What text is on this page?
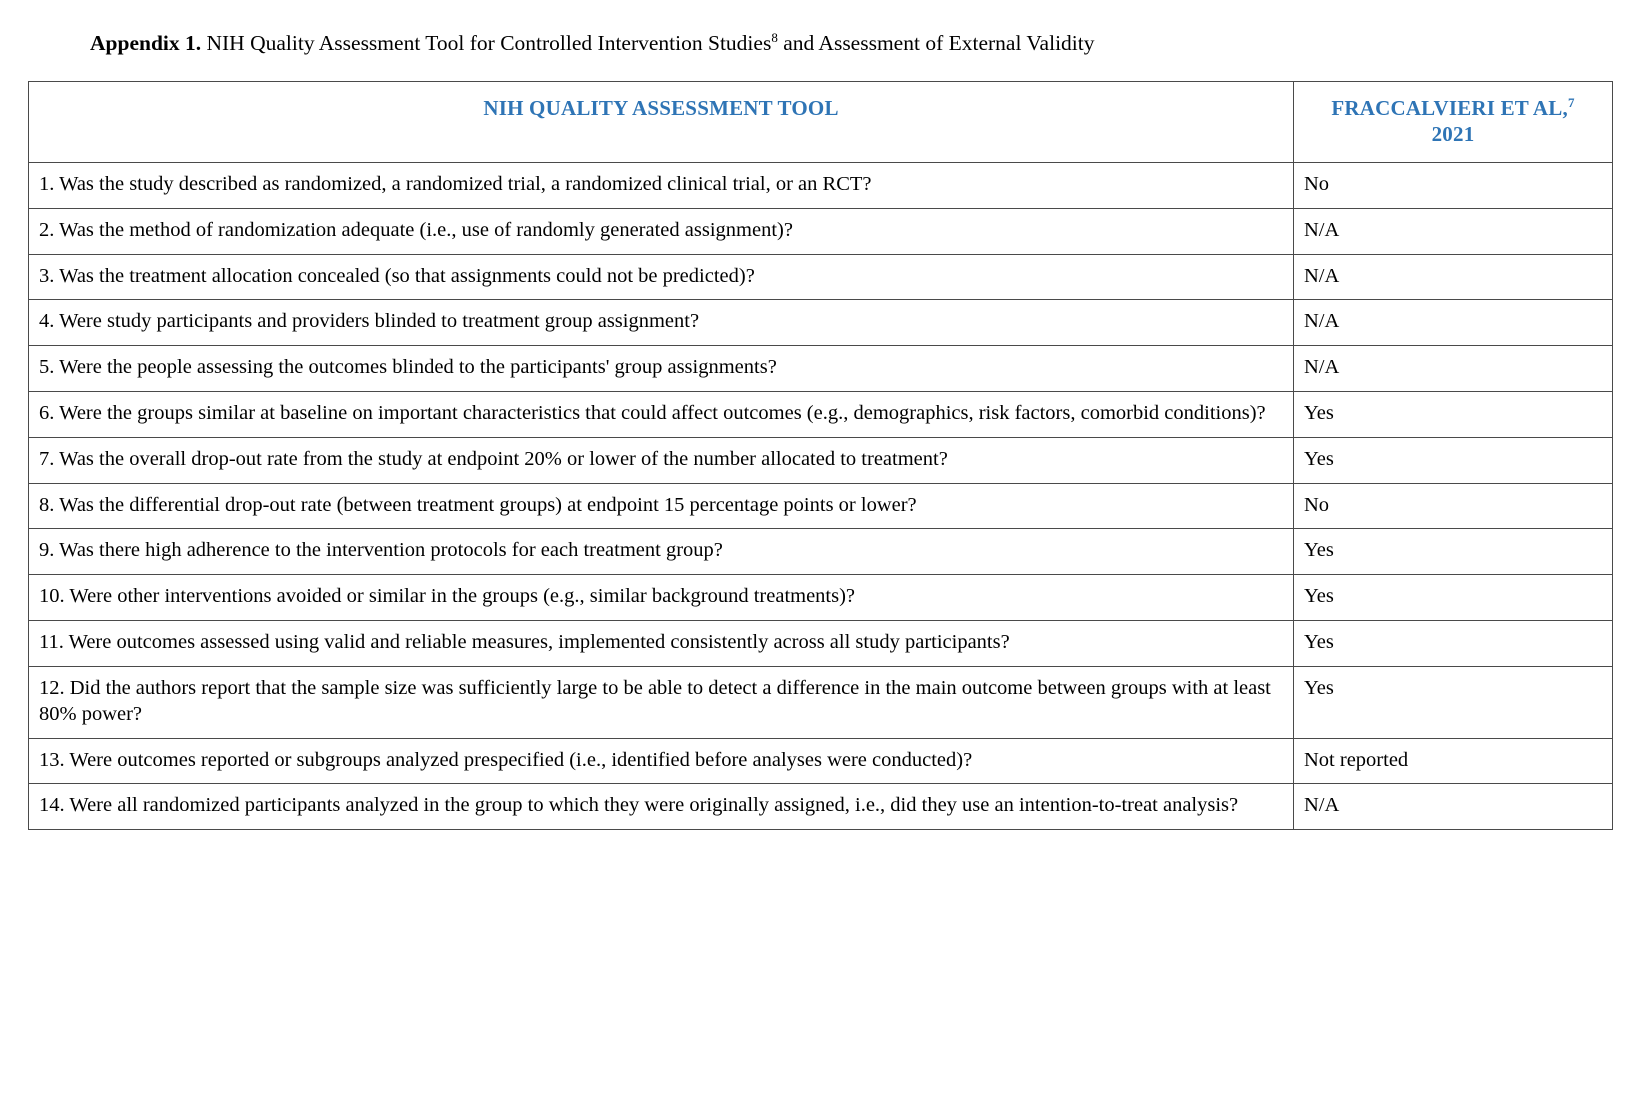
Appendix 1. NIH Quality Assessment Tool for Controlled Intervention Studies$^8$ and Assessment of External Validity

NIH QUALITY ASSESSMENT TOOL	FRACCALVIERI ET AL,$^7$
2021

1. Was the study described as randomized, a randomized trial, a randomized clinical trial, or an RCT?	No
2. Was the method of randomization adequate (i.e., use of randomly generated assignment)?	N/A
3. Was the treatment allocation concealed (so that assignments could not be predicted)?	N/A
4. Were study participants and providers blinded to treatment group assignment?	N/A
5. Were the people assessing the outcomes blinded to the participants' group assignments?	N/A
6. Were the groups similar at baseline on important characteristics that could affect outcomes (e.g., demographics, risk factors, comorbid conditions)?	Yes
7. Was the overall drop-out rate from the study at endpoint 20% or lower of the number allocated to treatment?	Yes
8. Was the differential drop-out rate (between treatment groups) at endpoint 15 percentage points or lower?	No
9. Was there high adherence to the intervention protocols for each treatment group?	Yes
10. Were other interventions avoided or similar in the groups (e.g., similar background treatments)?	Yes
11. Were outcomes assessed using valid and reliable measures, implemented consistently across all study participants?	Yes
12. Did the authors report that the sample size was sufficiently large to be able to detect a difference in the main outcome between groups with at least 80% power?	Yes
13. Were outcomes reported or subgroups analyzed prespecified (i.e., identified before analyses were conducted)?	Not reported
14. Were all randomized participants analyzed in the group to which they were originally assigned, i.e., did they use an intention-to-treat analysis?	N/A
